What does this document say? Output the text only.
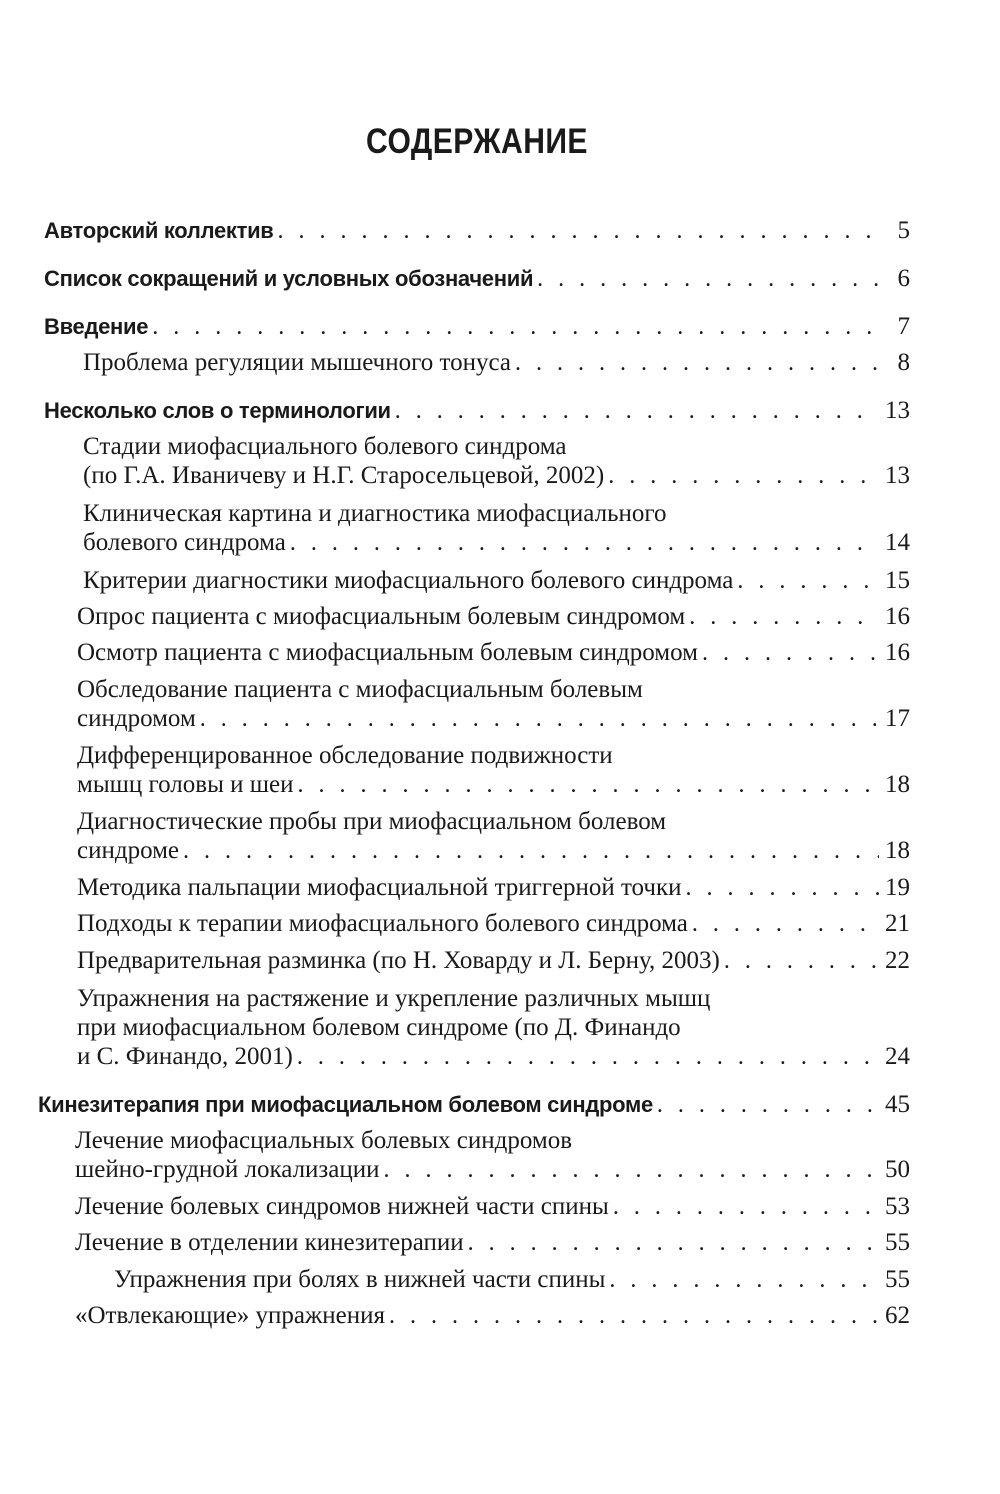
СОДЕРЖАНИЕ
Авторский коллектив . . .	5
Список сокращений и условных обозначений . . .	6
Введение . . .	7
Проблема регуляции мышечного тонуса . . .	8
Несколько слов о терминологии . . .	13
Стадии миофасциального болевого синдрома
(по Г.А. Иваничеву и Н.Г. Старосельцевой, 2002) . . .	13
Клиническая картина и диагностика миофасциального
болевого синдрома . . .	14
Критерии диагностики миофасциального болевого синдрома . . .	15
Опрос пациента с миофасциальным болевым синдромом . . .	16
Осмотр пациента с миофасциальным болевым синдромом . . .	16
Обследование пациента с миофасциальным болевым
синдромом . . .	17
Дифференцированное обследование подвижности
мышц головы и шеи . . .	18
Диагностические пробы при миофасциальном болевом
синдроме . . .	18
Методика пальпации миофасциальной триггерной точки . . .	19
Подходы к терапии миофасциального болевого синдрома . . .	21
Предварительная разминка (по Н. Ховарду и Л. Берну, 2003) . . .	22
Упражнения на растяжение и укрепление различных мышц
при миофасциальном болевом синдроме (по Д. Финандо
и С. Финандо, 2001) . . .	24
Кинезитерапия при миофасциальном болевом синдроме . . .	45
Лечение миофасциальных болевых синдромов
шейно-грудной локализации . . .	50
Лечение болевых синдромов нижней части спины . . .	53
Лечение в отделении кинезитерапии . . .	55
Упражнения при болях в нижней части спины . . .	55
«Отвлекающие» упражнения . . .	62
